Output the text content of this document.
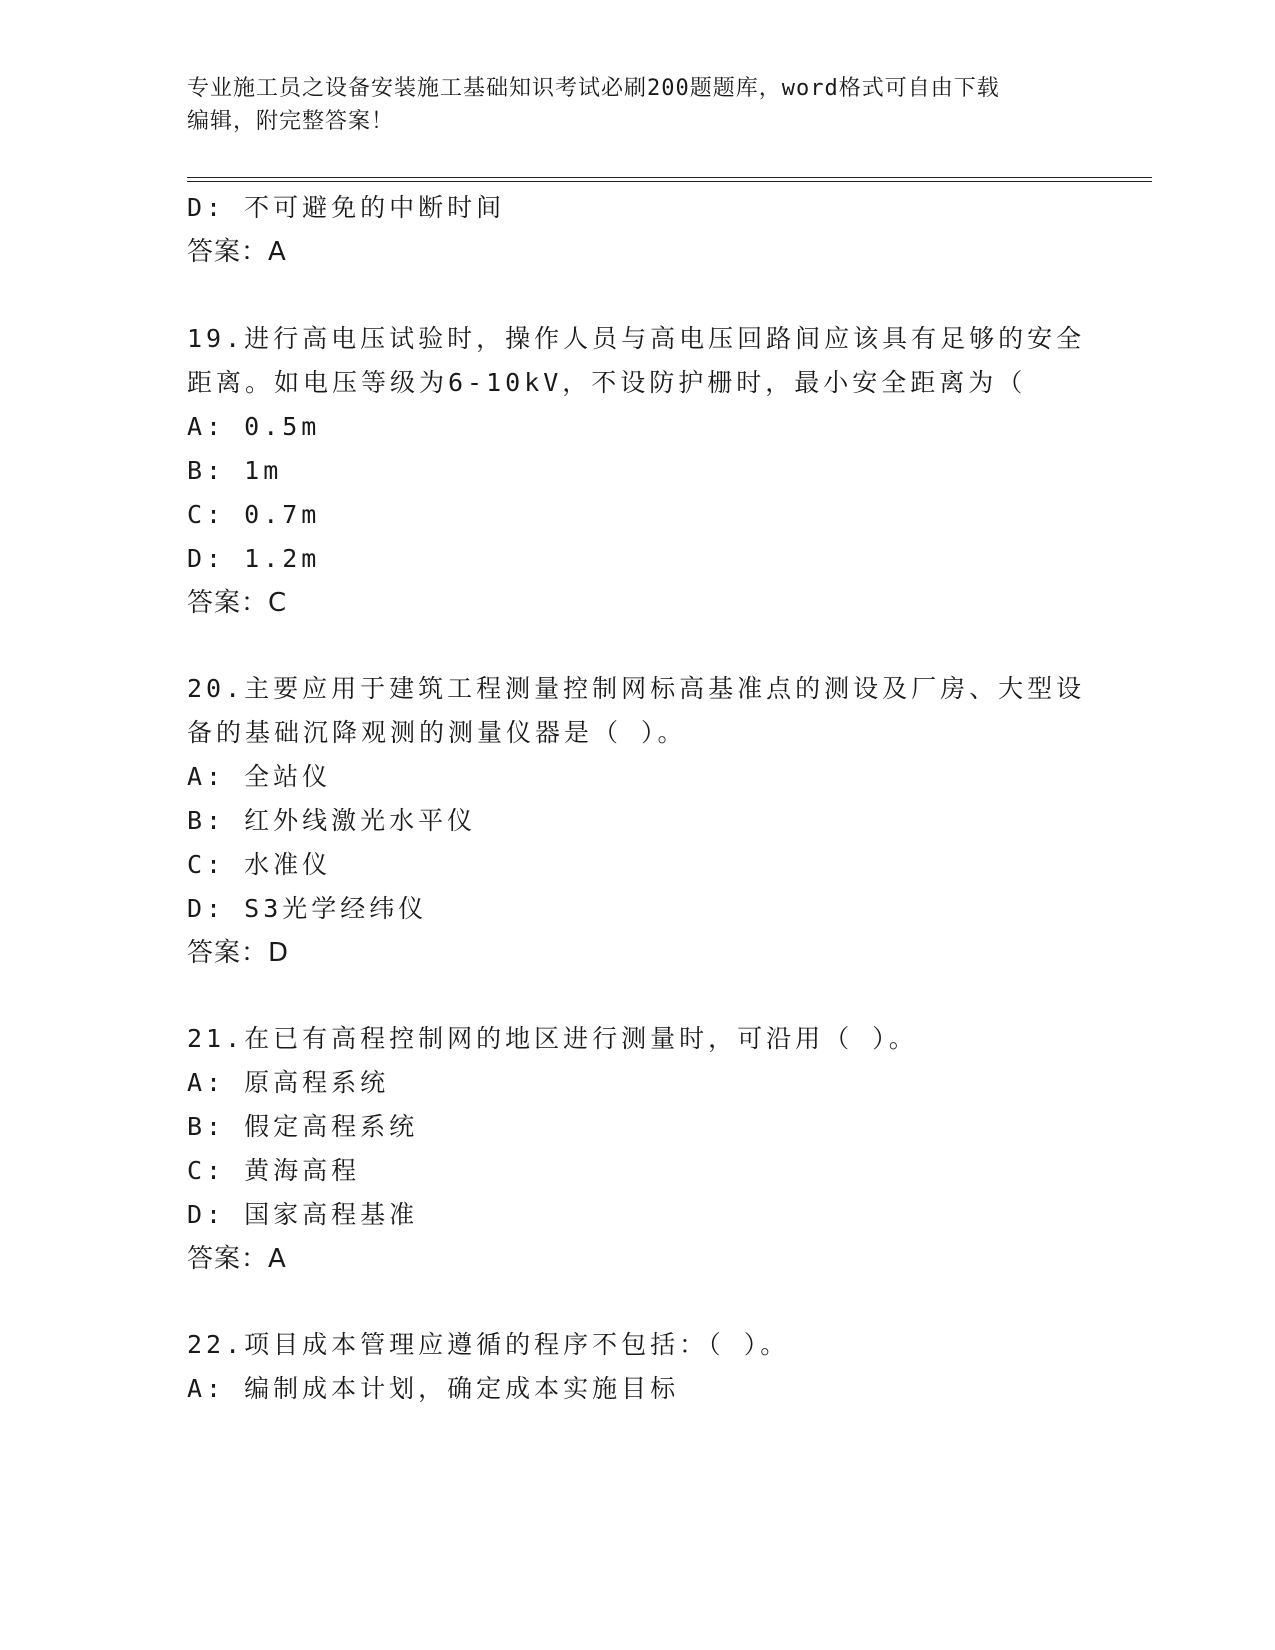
专业施工员之设备安装施工基础知识考试必刷200题题库，word格式可自由下载
编辑，附完整答案！
D: 不可避免的中断时间
答案：A
19.进行高电压试验时，操作人员与高电压回路间应该具有足够的安全
距离。如电压等级为6-10kV，不设防护栅时，最小安全距离为（
A: 0.5m
B: 1m
C: 0.7m
D: 1.2m
答案：C
20.主要应用于建筑工程测量控制网标高基准点的测设及厂房、大型设
备的基础沉降观测的测量仪器是（ ）。
A: 全站仪
B: 红外线激光水平仪
C: 水准仪
D: S3光学经纬仪
答案：D
21.在已有高程控制网的地区进行测量时，可沿用（ ）。
A: 原高程系统
B: 假定高程系统
C: 黄海高程
D: 国家高程基准
答案：A
22.项目成本管理应遵循的程序不包括：（ ）。
A: 编制成本计划，确定成本实施目标
